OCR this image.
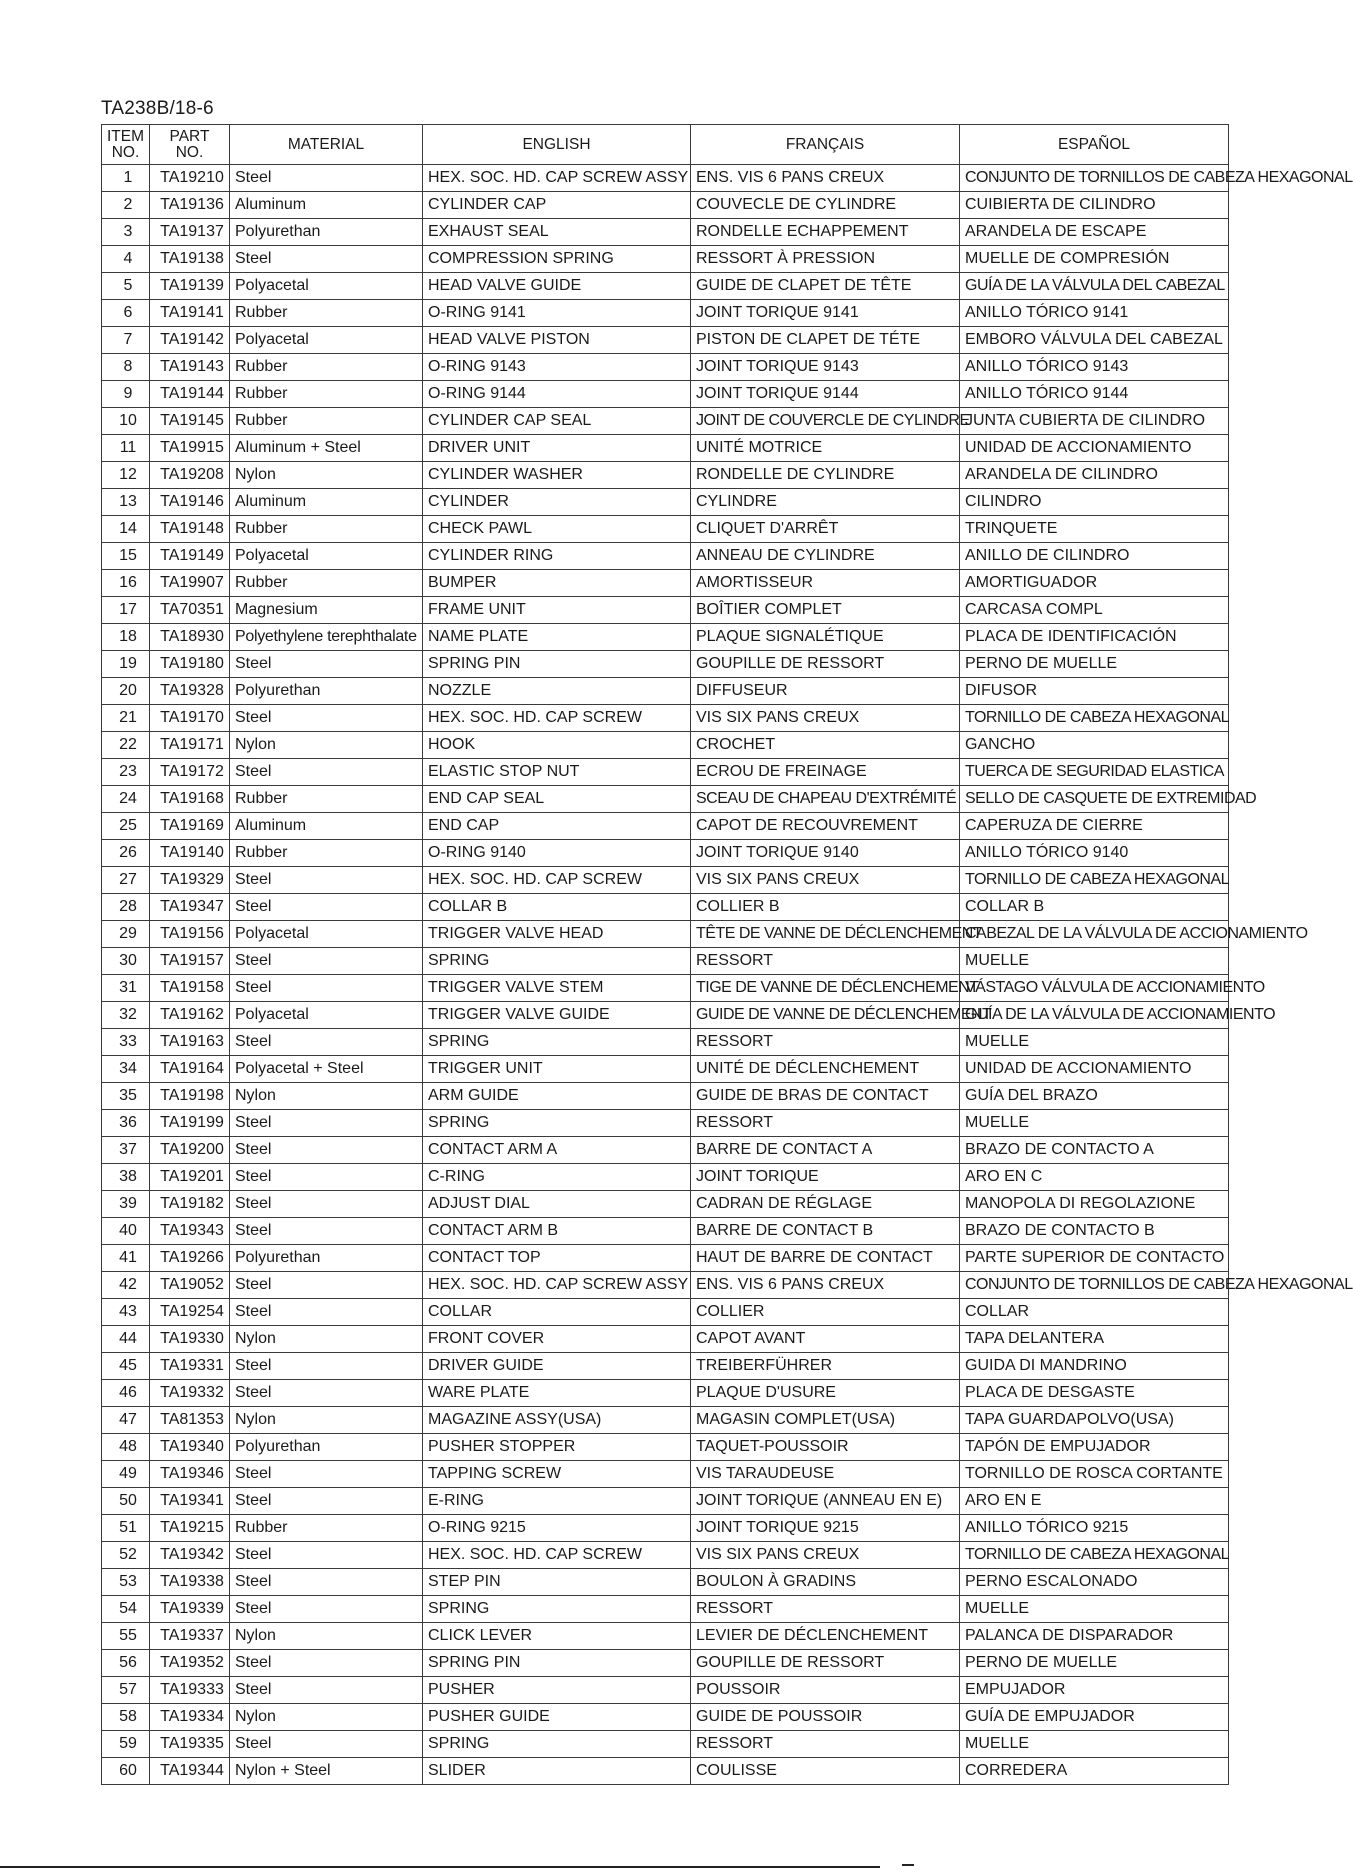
TA238B/18-6
ITEM NO.	PART NO.	MATERIAL	ENGLISH	FRANÇAIS	ESPAÑOL
1	TA19210	Steel	HEX. SOC. HD. CAP SCREW ASSY	ENS. VIS 6 PANS CREUX	CONJUNTO DE TORNILLOS DE CABEZA HEXAGONAL
2	TA19136	Aluminum	CYLINDER CAP	COUVECLE DE CYLINDRE	CUIBIERTA DE CILINDRO
3	TA19137	Polyurethan	EXHAUST SEAL	RONDELLE ECHAPPEMENT	ARANDELA DE ESCAPE
4	TA19138	Steel	COMPRESSION SPRING	RESSORT À PRESSION	MUELLE DE COMPRESIÓN
5	TA19139	Polyacetal	HEAD VALVE GUIDE	GUIDE DE CLAPET DE TÊTE	GUÍA DE LA VÁLVULA DEL CABEZAL
6	TA19141	Rubber	O-RING 9141	JOINT TORIQUE 9141	ANILLO TÓRICO 9141
7	TA19142	Polyacetal	HEAD VALVE PISTON	PISTON DE CLAPET DE TÉTE	EMBORO VÁLVULA DEL CABEZAL
8	TA19143	Rubber	O-RING 9143	JOINT TORIQUE 9143	ANILLO TÓRICO 9143
9	TA19144	Rubber	O-RING 9144	JOINT TORIQUE 9144	ANILLO TÓRICO 9144
10	TA19145	Rubber	CYLINDER CAP SEAL	JOINT DE COUVERCLE DE CYLINDRE	JUNTA CUBIERTA DE CILINDRO
11	TA19915	Aluminum + Steel	DRIVER UNIT	UNITÉ MOTRICE	UNIDAD DE ACCIONAMIENTO
12	TA19208	Nylon	CYLINDER WASHER	RONDELLE DE CYLINDRE	ARANDELA DE CILINDRO
13	TA19146	Aluminum	CYLINDER	CYLINDRE	CILINDRO
14	TA19148	Rubber	CHECK PAWL	CLIQUET D'ARRÊT	TRINQUETE
15	TA19149	Polyacetal	CYLINDER RING	ANNEAU DE CYLINDRE	ANILLO DE CILINDRO
16	TA19907	Rubber	BUMPER	AMORTISSEUR	AMORTIGUADOR
17	TA70351	Magnesium	FRAME UNIT	BOÎTIER COMPLET	CARCASA COMPL
18	TA18930	Polyethylene terephthalate	NAME PLATE	PLAQUE SIGNALÉTIQUE	PLACA DE IDENTIFICACIÓN
19	TA19180	Steel	SPRING PIN	GOUPILLE DE RESSORT	PERNO DE MUELLE
20	TA19328	Polyurethan	NOZZLE	DIFFUSEUR	DIFUSOR
21	TA19170	Steel	HEX. SOC. HD. CAP SCREW	VIS SIX PANS CREUX	TORNILLO DE CABEZA HEXAGONAL
22	TA19171	Nylon	HOOK	CROCHET	GANCHO
23	TA19172	Steel	ELASTIC STOP NUT	ECROU DE FREINAGE	TUERCA DE SEGURIDAD ELASTICA
24	TA19168	Rubber	END CAP SEAL	SCEAU DE CHAPEAU D'EXTRÉMITÉ	SELLO DE CASQUETE DE EXTREMIDAD
25	TA19169	Aluminum	END CAP	CAPOT DE RECOUVREMENT	CAPERUZA DE CIERRE
26	TA19140	Rubber	O-RING 9140	JOINT TORIQUE 9140	ANILLO TÓRICO 9140
27	TA19329	Steel	HEX. SOC. HD. CAP SCREW	VIS SIX PANS CREUX	TORNILLO DE CABEZA HEXAGONAL
28	TA19347	Steel	COLLAR B	COLLIER B	COLLAR B
29	TA19156	Polyacetal	TRIGGER VALVE HEAD	TÊTE DE VANNE DE DÉCLENCHEMENT	CABEZAL DE LA VÁLVULA DE ACCIONAMIENTO
30	TA19157	Steel	SPRING	RESSORT	MUELLE
31	TA19158	Steel	TRIGGER VALVE STEM	TIGE DE VANNE DE DÉCLENCHEMENT	VÁSTAGO VÁLVULA DE ACCIONAMIENTO
32	TA19162	Polyacetal	TRIGGER VALVE GUIDE	GUIDE DE VANNE DE DÉCLENCHEMENT	GUÍA DE LA VÁLVULA DE ACCIONAMIENTO
33	TA19163	Steel	SPRING	RESSORT	MUELLE
34	TA19164	Polyacetal + Steel	TRIGGER UNIT	UNITÉ DE DÉCLENCHEMENT	UNIDAD DE ACCIONAMIENTO
35	TA19198	Nylon	ARM GUIDE	GUIDE DE BRAS DE CONTACT	GUÍA DEL BRAZO
36	TA19199	Steel	SPRING	RESSORT	MUELLE
37	TA19200	Steel	CONTACT ARM A	BARRE DE CONTACT A	BRAZO DE CONTACTO A
38	TA19201	Steel	C-RING	JOINT TORIQUE	ARO EN C
39	TA19182	Steel	ADJUST DIAL	CADRAN DE RÉGLAGE	MANOPOLA DI REGOLAZIONE
40	TA19343	Steel	CONTACT ARM B	BARRE DE CONTACT B	BRAZO DE CONTACTO B
41	TA19266	Polyurethan	CONTACT TOP	HAUT DE BARRE DE CONTACT	PARTE SUPERIOR DE CONTACTO
42	TA19052	Steel	HEX. SOC. HD. CAP SCREW ASSY	ENS. VIS 6 PANS CREUX	CONJUNTO DE TORNILLOS DE CABEZA HEXAGONAL
43	TA19254	Steel	COLLAR	COLLIER	COLLAR
44	TA19330	Nylon	FRONT COVER	CAPOT AVANT	TAPA DELANTERA
45	TA19331	Steel	DRIVER GUIDE	TREIBERFÜHRER	GUIDA DI MANDRINO
46	TA19332	Steel	WARE PLATE	PLAQUE D'USURE	PLACA DE DESGASTE
47	TA81353	Nylon	MAGAZINE ASSY(USA)	MAGASIN COMPLET(USA)	TAPA GUARDAPOLVO(USA)
48	TA19340	Polyurethan	PUSHER STOPPER	TAQUET-POUSSOIR	TAPÓN DE EMPUJADOR
49	TA19346	Steel	TAPPING SCREW	VIS TARAUDEUSE	TORNILLO DE ROSCA CORTANTE
50	TA19341	Steel	E-RING	JOINT TORIQUE (ANNEAU EN E)	ARO EN E
51	TA19215	Rubber	O-RING 9215	JOINT TORIQUE 9215	ANILLO TÓRICO 9215
52	TA19342	Steel	HEX. SOC. HD. CAP SCREW	VIS SIX PANS CREUX	TORNILLO DE CABEZA HEXAGONAL
53	TA19338	Steel	STEP PIN	BOULON À GRADINS	PERNO ESCALONADO
54	TA19339	Steel	SPRING	RESSORT	MUELLE
55	TA19337	Nylon	CLICK LEVER	LEVIER DE DÉCLENCHEMENT	PALANCA DE DISPARADOR
56	TA19352	Steel	SPRING PIN	GOUPILLE DE RESSORT	PERNO DE MUELLE
57	TA19333	Steel	PUSHER	POUSSOIR	EMPUJADOR
58	TA19334	Nylon	PUSHER GUIDE	GUIDE DE POUSSOIR	GUÍA DE EMPUJADOR
59	TA19335	Steel	SPRING	RESSORT	MUELLE
60	TA19344	Nylon + Steel	SLIDER	COULISSE	CORREDERA
